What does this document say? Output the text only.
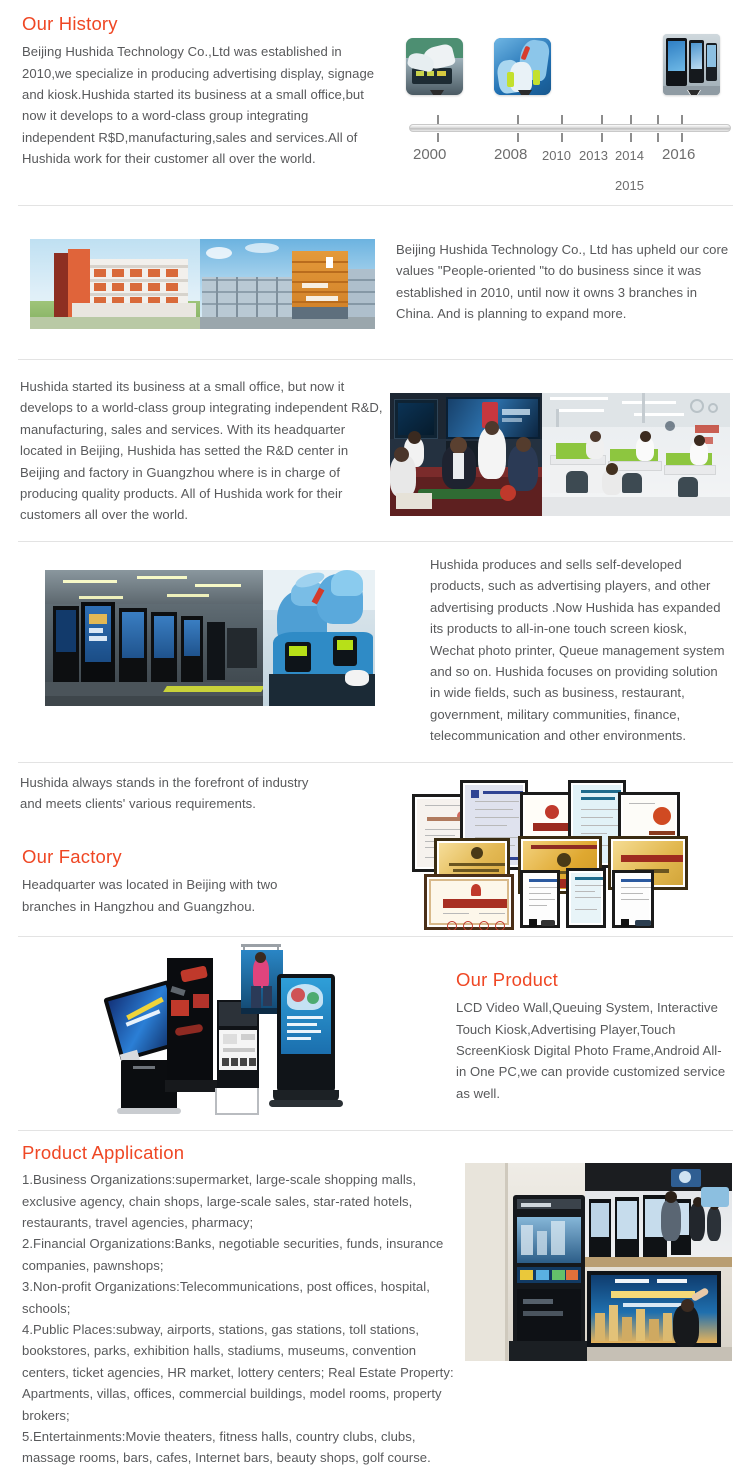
Our History

Beijing Hushida Technology Co.,Ltd was established in 2010,we specialize in producing advertising display, signage and kiosk.Hushida started its business at a small office,but now it develops to a word-class group integrating independent R$D,manufacturing,sales and services.All of Hushida work for their customer all over the world.	2000	2008 2010 2013 2014 2016
2015

Beijing Hushida Technology Co., Ltd has upheld our core values "People-oriented "to do business since it was established in 2010, until now it owns 3 branches in China. And is planning to expand more.

Hushida started its business at a small office, but now it develops to a world-class group integrating independent R&D, manufacturing, sales and services. With its headquarter located in Beijing, Hushida has setted the R&D center in Beijing and factory in Guangzhou where is in charge of producing quality products. All of Hushida work for their customers all over the world.

Hushida produces and sells self-developed products, such as advertising players, and other advertising products .Now Hushida has expanded its products to all-in-one touch screen kiosk, Wechat photo printer, Queue management system and so on. Hushida focuses on providing solution in wide fields, such as business, restaurant, government, military communities, finance, telecommunication and other environments.

Hushida always stands in the forefront of industry and meets clients' various requirements.

Our Factory

Headquarter was located in Beijing with two branches in Hangzhou and Guangzhou.

Our Product

LCD Video Wall,Queuing System, Interactive Touch Kiosk,Advertising Player,Touch ScreenKiosk Digital Photo Frame,Android All-in One PC,we can provide customized service as well.

Product Application

1.Business Organizations:supermarket, large-scale shopping malls, exclusive agency, chain shops, large-scale sales, star-rated hotels, restaurants, travel agencies, pharmacy;

2.Financial Organizations:Banks, negotiable securities, funds, insurance companies, pawnshops;

3.Non-profit Organizations:Telecommunications, post offices, hospital, schools;

4.Public Places:subway, airports, stations, gas stations, toll stations, bookstores, parks, exhibition halls, stadiums, museums, convention centers, ticket agencies, HR market, lottery centers; Real Estate Property: Apartments, villas, offices, commercial buildings, model rooms, property brokers;

5.Entertainments:Movie theaters, fitness halls, country clubs, clubs, massage rooms, bars, cafes, Internet bars, beauty shops, golf course.
